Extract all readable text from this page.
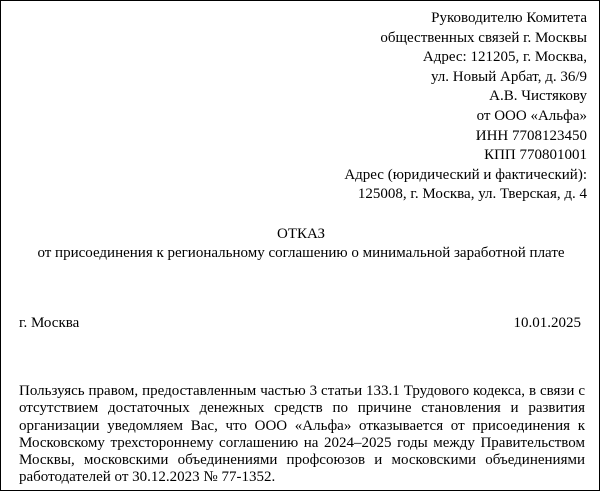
Руководителю Комитета
общественных связей г. Москвы
Адрес: 121205, г. Москва,
ул. Новый Арбат, д. 36/9
А.В. Чистякову
от ООО «Альфа»
ИНН 7708123450
КПП 770801001
Адрес (юридический и фактический):
125008, г. Москва, ул. Тверская, д. 4
ОТКАЗ
от присоединения к региональному соглашению о минимальной заработной плате
г. Москва	10.01.2025

Пользуясь правом, предоставленным частью 3 статьи 133.1 Трудового кодекса, в связи с отсутствием достаточных денежных средств по причине становления и развития организации уведомляем Вас, что ООО «Альфа» отказывается от присоединения к Московскому трехстороннему соглашению на 2024–2025 годы между Правительством Москвы, московскими объединениями профсоюзов и московскими объединениями работодателей от 30.12.2023 № 77-1352.
